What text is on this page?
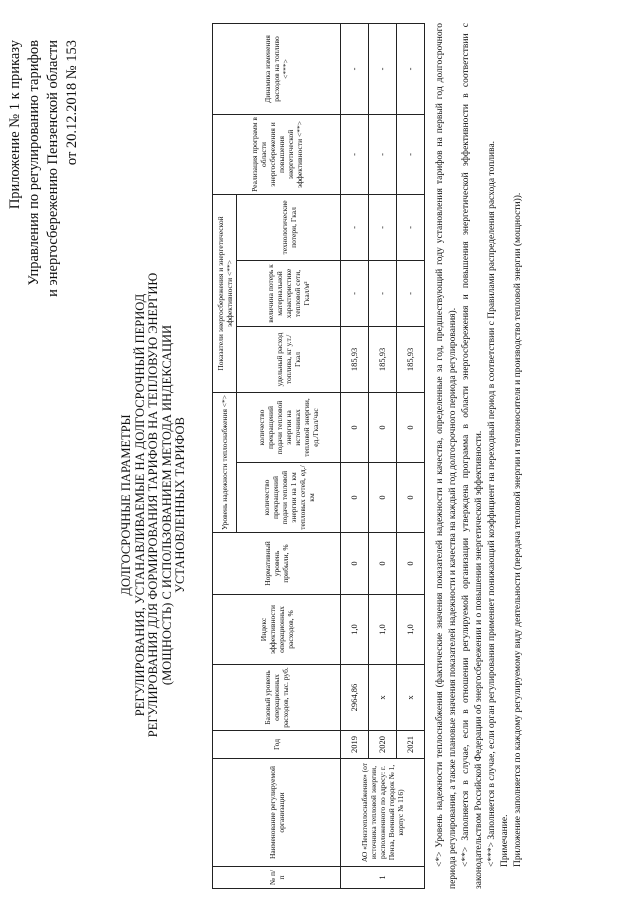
Приложение № 1 к приказу Управления по регулированию тарифов и энергосбережению Пензенской области от 20.12.2018 № 153
ДОЛГОСРОЧНЫЕ ПАРАМЕТРЫ РЕГУЛИРОВАНИЯ, УСТАНАВЛИВАЕМЫЕ НА ДОЛГОСРОЧНЫЙ ПЕРИОД РЕГУЛИРОВАНИЯ ДЛЯ ФОРМИРОВАНИЯ ТАРИФОВ НА ТЕПЛОВУЮ ЭНЕРГИЮ (МОЩНОСТЬ) С ИСПОЛЬЗОВАНИЕМ МЕТОДА ИНДЕКСАЦИИ УСТАНОВЛЕННЫХ ТАРИФОВ
№ п/п	Наименование регулируемой организации	Год	Базовый уровень операционных расходов, тыс. руб.	Индекс эффективности операционных расходов, %	Нормативный уровень прибыли, %	Уровень надежности теплоснабжения <*>		Показатели энергосбережения и энергетической эффективности <**>			Реализация программ в области энергосбережения и повышения энергетической эффективности <**>	Динамика изменения расходов на топливо <***>
						количество прекращений подачи тепловой энергии на 1 км тепловых сетей, ед./км	количество прекращений подачи тепловой энергии на источниках тепловой энергии, ед./Гкал/час	удельный расход топлива, кг у.т./Гкал	величина потерь к материальной характеристике тепловой сети, Гкал/м²	технологические потери, Гкал		
1	АО «Пензтеплоснабжение» (от источника тепловой энергии, расположенного по адресу: г. Пенза, Военный городок № 1, корпус № 116)	2019	2964,86	1,0	0	0	0	185,93	-	-	-	-
		2020	х	1,0	0	0	0	185,93	-	-	-	-
		2021	х	1,0	0	0	0	185,93	-	-	-	- <*> Уровень надежности теплоснабжения (фактические значения показателей надежности и качества, определенные за год, предшествующий году установления тарифов на первый год долгосрочного периода регулирования, а также плановые значения показателей надежности и качества на каждый год долгосрочного периода регулирования). <**> Заполняется в случае, если в отношении регулируемой организации утверждена программа в области энергосбережения и повышения энергетической эффективности в соответствии с законодательством Российской Федерации об энергосбережении и о повышении энергетической эффективности. <***> Заполняется в случае, если орган регулирования применяет понижающий коэффициент на переходный период в соответствии с Правилами распределения расхода топлива. Примечание. Приложение заполняется по каждому регулируемому виду деятельности (передача тепловой энергии и теплоносителя и производство тепловой энергии (мощности)).
